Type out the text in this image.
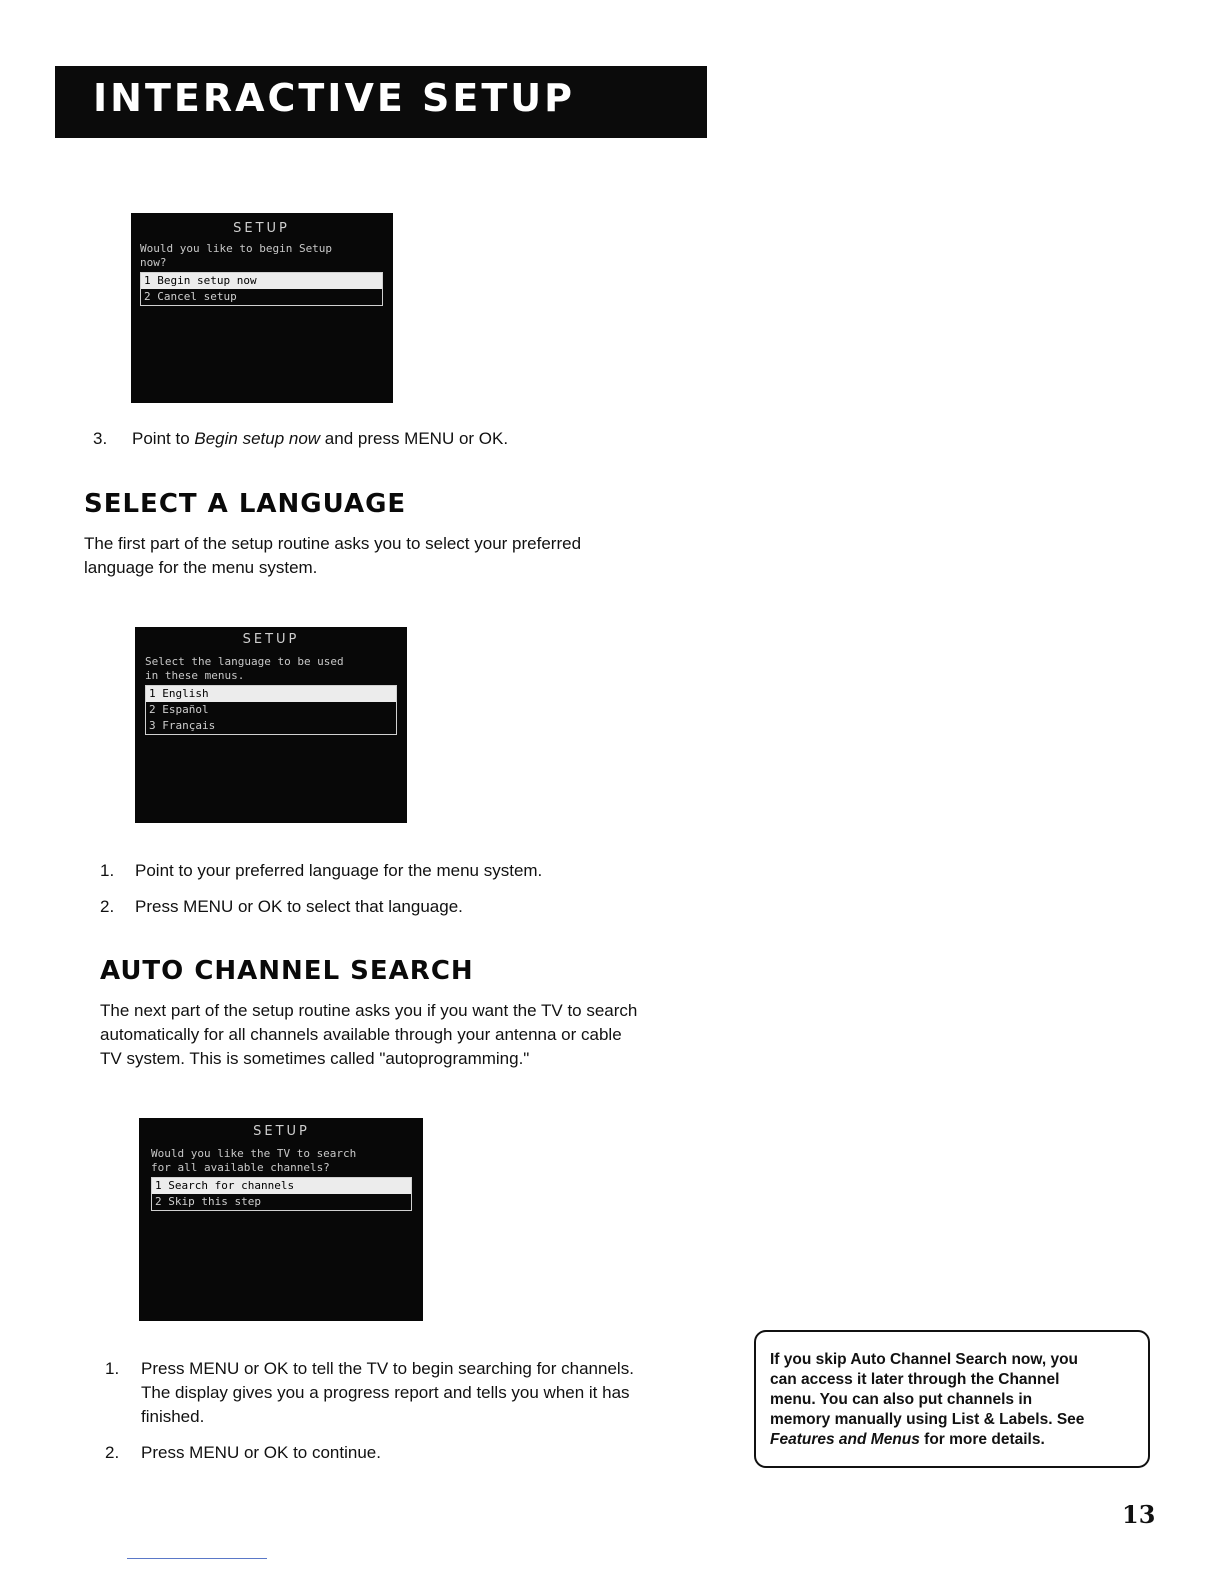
INTERACTIVE SETUP
SETUP
Would you like to begin Setup
now?
1 Begin setup now
2 Cancel setup
3. Point to Begin setup now and press MENU or OK.
SELECT A LANGUAGE
The first part of the setup routine asks you to select your preferred
language for the menu system.
SETUP
Select the language to be used
in these menus.
1 English
2 Español
3 Français
1. Point to your preferred language for the menu system.
2. Press MENU or OK to select that language.
AUTO CHANNEL SEARCH
The next part of the setup routine asks you if you want the TV to search
automatically for all channels available through your antenna or cable
TV system. This is sometimes called "autoprogramming."
SETUP
Would you like the TV to search
for all available channels?
1 Search for channels
2 Skip this step
1. Press MENU or OK to tell the TV to begin searching for channels.
The display gives you a progress report and tells you when it has
finished.
2. Press MENU or OK to continue.
If you skip Auto Channel Search now, you
can access it later through the Channel
menu. You can also put channels in
memory manually using List & Labels. See
Features and Menus for more details.
13
